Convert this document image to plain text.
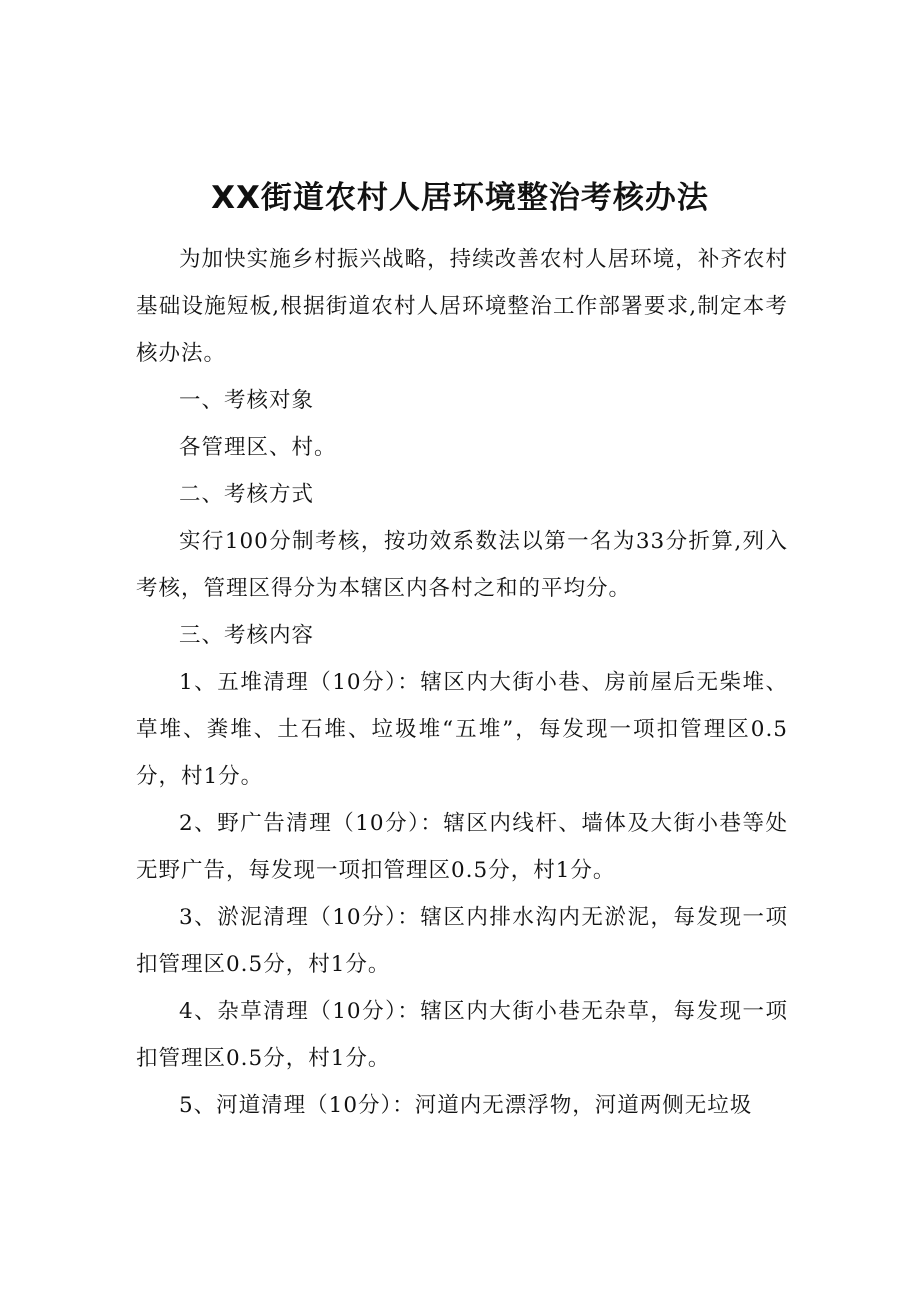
XX街道农村人居环境整治考核办法

为加快实施乡村振兴战略，持续改善农村人居环境，补齐农村基础设施短板,根据街道农村人居环境整治工作部署要求,制定本考核办法。

一、考核对象

各管理区、村。

二、考核方式

实行100分制考核，按功效系数法以第一名为33分折算,列入考核，管理区得分为本辖区内各村之和的平均分。

三、考核内容

1、五堆清理（10分）：辖区内大街小巷、房前屋后无柴堆、草堆、粪堆、土石堆、垃圾堆“五堆”，每发现一项扣管理区0.5分，村1分。

2、野广告清理（10分）：辖区内线杆、墙体及大街小巷等处无野广告，每发现一项扣管理区0.5分，村1分。

3、淤泥清理（10分）：辖区内排水沟内无淤泥，每发现一项扣管理区0.5分，村1分。

4、杂草清理（10分）：辖区内大街小巷无杂草，每发现一项扣管理区0.5分，村1分。

5、河道清理（10分）：河道内无漂浮物，河道两侧无垃圾
